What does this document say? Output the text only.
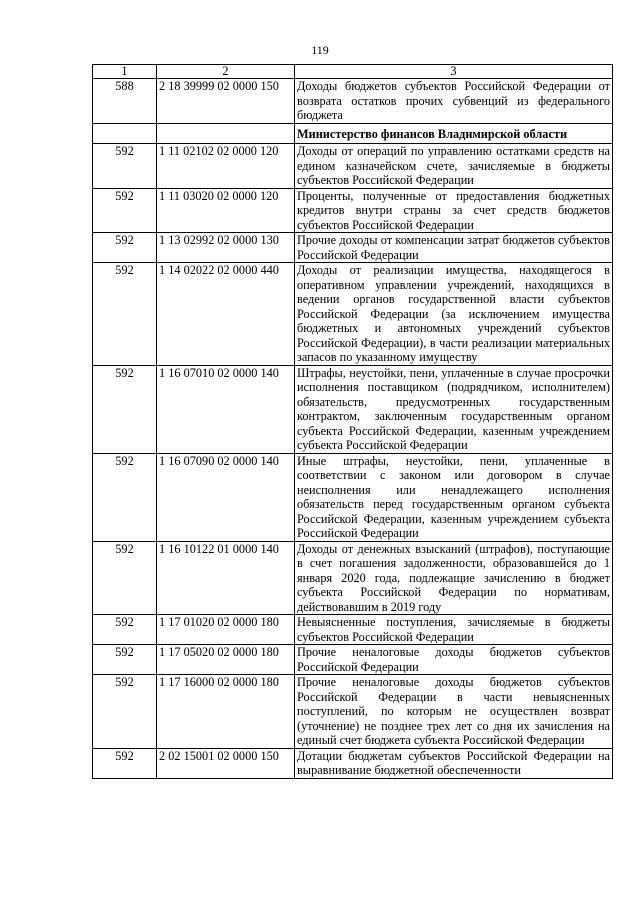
119
1	2	3
588	2 18 39999 02 0000 150	Доходы бюджетов субъектов Российской Федерации от возврата остатков прочих субвенций из федерального бюджета
		Министерство финансов Владимирской области
592	1 11 02102 02 0000 120	Доходы от операций по управлению остатками средств на едином казначейском счете, зачисляемые в бюджеты субъектов Российской Федерации
592	1 11 03020 02 0000 120	Проценты, полученные от предоставления бюджетных кредитов внутри страны за счет средств бюджетов субъектов Российской Федерации
592	1 13 02992 02 0000 130	Прочие доходы от компенсации затрат бюджетов субъектов Российской Федерации
592	1 14 02022 02 0000 440	Доходы от реализации имущества, находящегося в оперативном управлении учреждений, находящихся в ведении органов государственной власти субъектов Российской Федерации (за исключением имущества бюджетных и автономных учреждений субъектов Российской Федерации), в части реализации материальных запасов по указанному имуществу
592	1 16 07010 02 0000 140	Штрафы, неустойки, пени, уплаченные в случае просрочки исполнения поставщиком (подрядчиком, исполнителем) обязательств, предусмотренных государственным контрактом, заключенным государственным органом субъекта Российской Федерации, казенным учреждением субъекта Российской Федерации
592	1 16 07090 02 0000 140	Иные штрафы, неустойки, пени, уплаченные в соответствии с законом или договором в случае неисполнения или ненадлежащего исполнения обязательств перед государственным органом субъекта Российской Федерации, казенным учреждением субъекта Российской Федерации
592	1 16 10122 01 0000 140	Доходы от денежных взысканий (штрафов), поступающие в счет погашения задолженности, образовавшейся до 1 января 2020 года, подлежащие зачислению в бюджет субъекта Российской Федерации по нормативам, действовавшим в 2019 году
592	1 17 01020 02 0000 180	Невыясненные поступления, зачисляемые в бюджеты субъектов Российской Федерации
592	1 17 05020 02 0000 180	Прочие неналоговые доходы бюджетов субъектов Российской Федерации
592	1 17 16000 02 0000 180	Прочие неналоговые доходы бюджетов субъектов Российской Федерации в части невыясненных поступлений, по которым не осуществлен возврат (уточнение) не позднее трех лет со дня их зачисления на единый счет бюджета субъекта Российской Федерации
592	2 02 15001 02 0000 150	Дотации бюджетам субъектов Российской Федерации на выравнивание бюджетной обеспеченности
